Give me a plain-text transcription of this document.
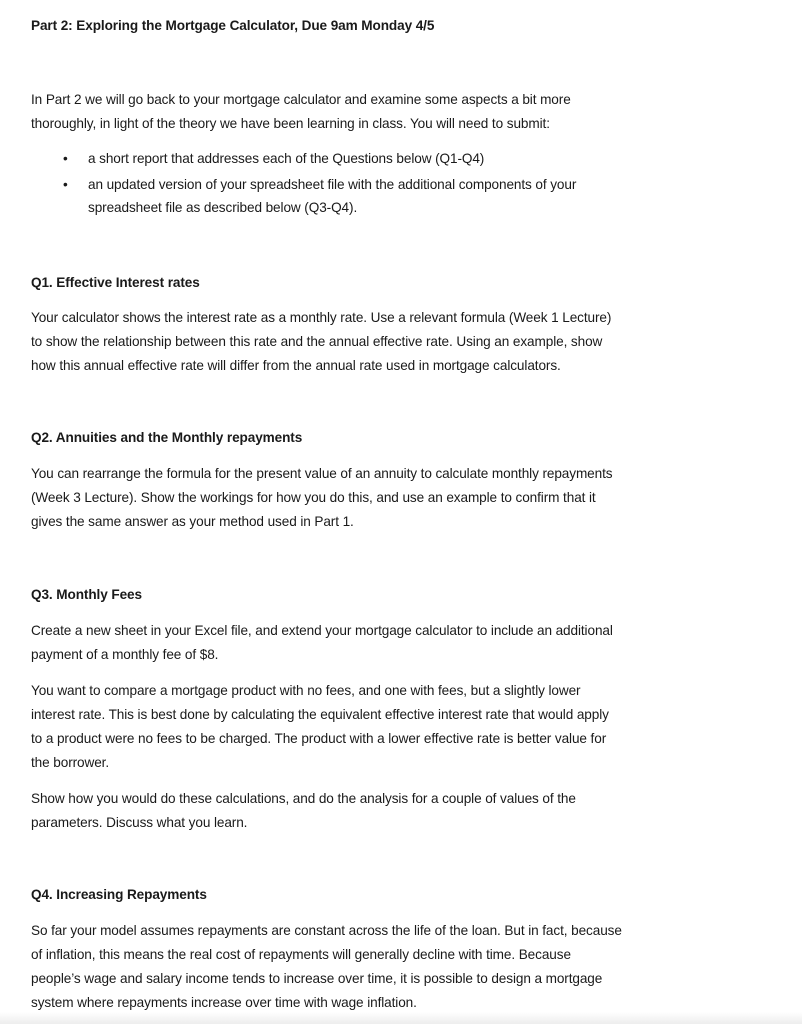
Part 2: Exploring the Mortgage Calculator, Due 9am Monday 4/5
In Part 2 we will go back to your mortgage calculator and examine some aspects a bit more
thoroughly, in light of the theory we have been learning in class. You will need to submit:
• a short report that addresses each of the Questions below (Q1-Q4)
• an updated version of your spreadsheet file with the additional components of your
spreadsheet file as described below (Q3-Q4).
Q1. Effective Interest rates
Your calculator shows the interest rate as a monthly rate. Use a relevant formula (Week 1 Lecture)
to show the relationship between this rate and the annual effective rate. Using an example, show
how this annual effective rate will differ from the annual rate used in mortgage calculators.
Q2. Annuities and the Monthly repayments
You can rearrange the formula for the present value of an annuity to calculate monthly repayments
(Week 3 Lecture). Show the workings for how you do this, and use an example to confirm that it
gives the same answer as your method used in Part 1.
Q3. Monthly Fees
Create a new sheet in your Excel file, and extend your mortgage calculator to include an additional
payment of a monthly fee of $8.
You want to compare a mortgage product with no fees, and one with fees, but a slightly lower
interest rate. This is best done by calculating the equivalent effective interest rate that would apply
to a product were no fees to be charged. The product with a lower effective rate is better value for
the borrower.
Show how you would do these calculations, and do the analysis for a couple of values of the
parameters. Discuss what you learn.
Q4. Increasing Repayments
So far your model assumes repayments are constant across the life of the loan. But in fact, because
of inflation, this means the real cost of repayments will generally decline with time. Because
people’s wage and salary income tends to increase over time, it is possible to design a mortgage
system where repayments increase over time with wage inflation.
